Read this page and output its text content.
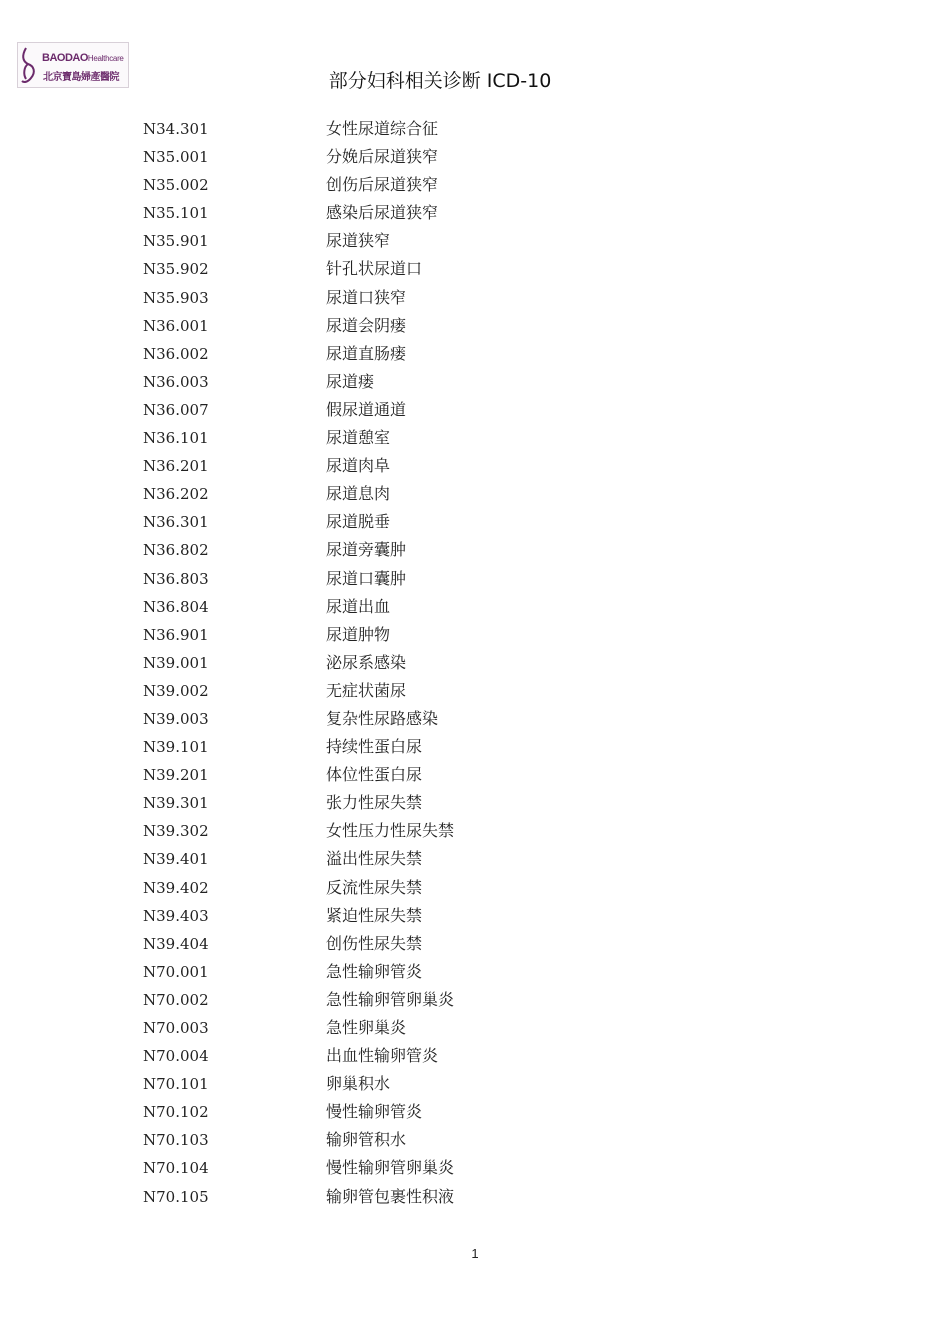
BAODAOHealthcare
北京寶島婦產醫院	部分妇科相关诊断 ICD-10
N34.301	女性尿道综合征
N35.001	分娩后尿道狭窄
N35.002	创伤后尿道狭窄
N35.101	感染后尿道狭窄
N35.901	尿道狭窄
N35.902	针孔状尿道口
N35.903	尿道口狭窄
N36.001	尿道会阴瘘
N36.002	尿道直肠瘘
N36.003	尿道瘘
N36.007	假尿道通道
N36.101	尿道憩室
N36.201	尿道肉阜
N36.202	尿道息肉
N36.301	尿道脱垂
N36.802	尿道旁囊肿
N36.803	尿道口囊肿
N36.804	尿道出血
N36.901	尿道肿物
N39.001	泌尿系感染
N39.002	无症状菌尿
N39.003	复杂性尿路感染
N39.101	持续性蛋白尿
N39.201	体位性蛋白尿
N39.301	张力性尿失禁
N39.302	女性压力性尿失禁
N39.401	溢出性尿失禁
N39.402	反流性尿失禁
N39.403	紧迫性尿失禁
N39.404	创伤性尿失禁
N70.001	急性输卵管炎
N70.002	急性输卵管卵巢炎
N70.003	急性卵巢炎
N70.004	出血性输卵管炎
N70.101	卵巢积水
N70.102	慢性输卵管炎
N70.103	输卵管积水
N70.104	慢性输卵管卵巢炎
N70.105	输卵管包裹性积液
1
